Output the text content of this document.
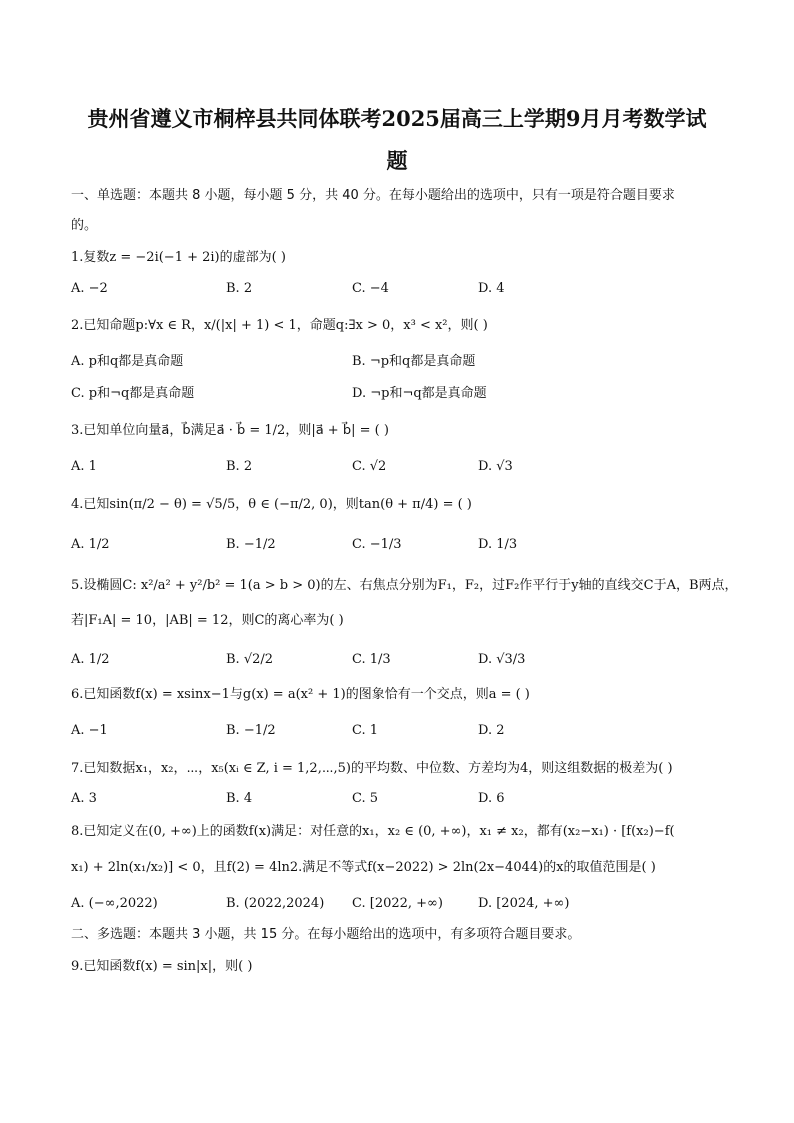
贵州省遵义市桐梓县共同体联考2025届高三上学期9月月考数学试
题
一、单选题：本题共 8 小题，每小题 5 分，共 40 分。在每小题给出的选项中，只有一项是符合题目要求
的。
1.复数z = −2i(−1 + 2i)的虚部为( )
A. −2	B. 2	C. −4	D. 4
2.已知命题p:∀x ∈ R，x/(|x| + 1) < 1，命题q:∃x > 0，x³ < x²，则( )
A. p和q都是真命题	B. ¬p和q都是真命题
C. p和¬q都是真命题	D. ¬p和¬q都是真命题
3.已知单位向量a⃗，b⃗满足a⃗ · b⃗ = 1/2，则|a⃗ + b⃗| = ( )
A. 1	B. 2	C. √2	D. √3
4.已知sin(π/2 − θ) = √5/5，θ ∈ (−π/2, 0)，则tan(θ + π/4) = ( )
A. 1/2	B. −1/2	C. −1/3	D. 1/3
5.设椭圆C: x²/a² + y²/b² = 1(a > b > 0)的左、右焦点分别为F₁，F₂，过F₂作平行于y轴的直线交C于A，B两点，
若|F₁A| = 10，|AB| = 12，则C的离心率为( )
A. 1/2	B. √2/2	C. 1/3	D. √3/3
6.已知函数f(x) = xsinx−1与g(x) = a(x² + 1)的图象恰有一个交点，则a = ( )
A. −1	B. −1/2	C. 1	D. 2
7.已知数据x₁，x₂，⋯，x₅(xᵢ ∈ Z, i = 1,2,⋯,5)的平均数、中位数、方差均为4，则这组数据的极差为( )
A. 3	B. 4	C. 5	D. 6
8.已知定义在(0, +∞)上的函数f(x)满足：对任意的x₁，x₂ ∈ (0, +∞)，x₁ ≠ x₂，都有(x₂−x₁) · [f(x₂)−f(
x₁) + 2ln(x₁/x₂)] < 0，且f(2) = 4ln2.满足不等式f(x−2022) > 2ln(2x−4044)的x的取值范围是( )
A. (−∞,2022)	B. (2022,2024) C. [2022, +∞)	D. [2024, +∞)
二、多选题：本题共 3 小题，共 15 分。在每小题给出的选项中，有多项符合题目要求。
9.已知函数f(x) = sin|x|，则( )
